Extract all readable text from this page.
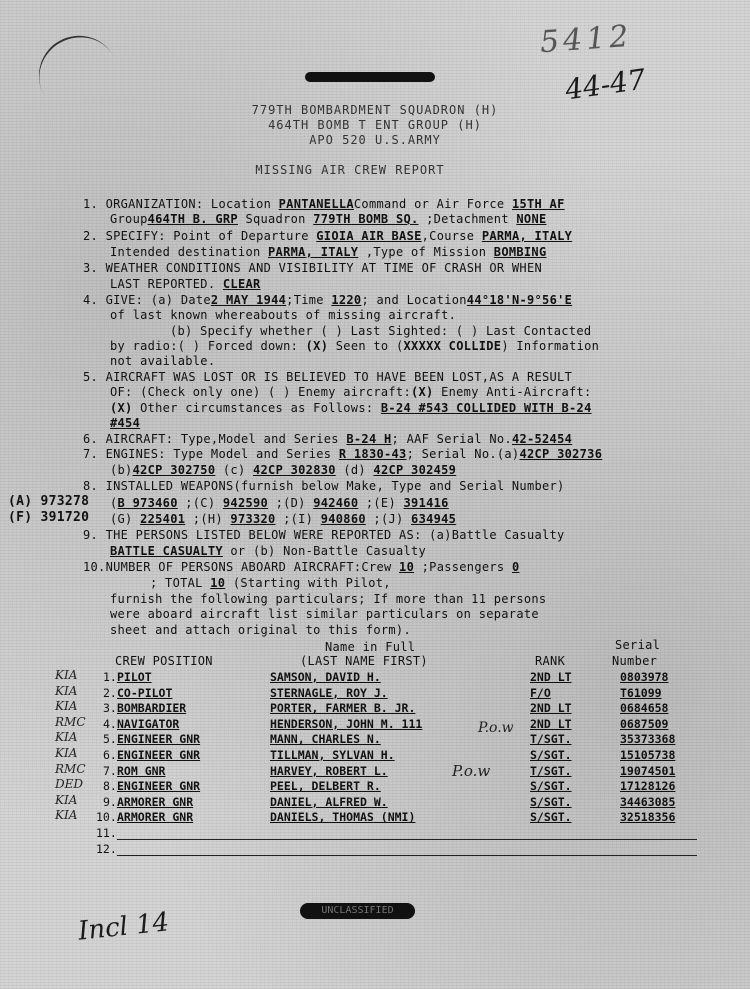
5412
44-47
779TH BOMBARDMENT SQUADRON (H)
464TH BOMB T ENT GROUP (H)
APO 520 U.S.ARMY
MISSING AIR CREW REPORT
1. ORGANIZATION: Location PANTANELLACommand or Air Force 15TH AF
Group464TH B. GRP Squadron 779TH BOMB SQ. ;Detachment NONE
2. SPECIFY: Point of Departure GIOIA AIR BASE,Course PARMA, ITALY
Intended destination PARMA, ITALY ,Type of Mission BOMBING
3. WEATHER CONDITIONS AND VISIBILITY AT TIME OF CRASH OR WHEN
LAST REPORTED. CLEAR
4. GIVE: (a) Date2 MAY 1944;Time 1220; and Location44°18'N-9°56'E
of last known whereabouts of missing aircraft.
(b) Specify whether ( ) Last Sighted: ( ) Last Contacted
by radio:( ) Forced down: (X) Seen to (XXXXX COLLIDE) Information
not available.
5. AIRCRAFT WAS LOST OR IS BELIEVED TO HAVE BEEN LOST,AS A RESULT
OF: (Check only one) ( ) Enemy aircraft:(X) Enemy Anti-Aircraft:
(X) Other circumstances as Follows: B-24 #543 COLLIDED WITH B-24
#454
6. AIRCRAFT: Type,Model and Series B-24 H; AAF Serial No.42-52454
7. ENGINES: Type Model and Series R 1830-43; Serial No.(a)42CP 302736
(b)42CP 302750 (c) 42CP 302830 (d) 42CP 302459
8. INSTALLED WEAPONS(furnish below Make, Type and Serial Number)
(A) 973278
(F) 391720
(B 973460 ;(C) 942590 ;(D) 942460 ;(E) 391416
(G) 225401 ;(H) 973320 ;(I) 940860 ;(J) 634945
9. THE PERSONS LISTED BELOW WERE REPORTED AS: (a)Battle Casualty
BATTLE CASUALTY or (b) Non-Battle Casualty
10.NUMBER OF PERSONS ABOARD AIRCRAFT:Crew 10 ;Passengers 0
; TOTAL 10 (Starting with Pilot,
furnish the following particulars; If more than 11 persons
were aboard aircraft list similar particulars on separate
sheet and attach original to this form).
Name in Full	Serial
CREW POSITION	(LAST NAME FIRST)	RANK	Number
KIA 1. PILOT	SAMSON, DAVID H.	2ND LT	0803978
KIA 2. CO-PILOT	STERNAGLE, ROY J.	F/O	T61099
KIA 3. BOMBARDIER	PORTER, FARMER B. JR.	2ND LT	0684658
RMC 4. NAVIGATOR	HENDERSON, JOHN M. 111	2ND LT	0687509
KIA 5. ENGINEER GNR	MANN, CHARLES N.	T/SGT.	35373368
KIA 6. ENGINEER GNR	TILLMAN, SYLVAN H.	S/SGT.	15105738
RMC 7. ROM GNR	HARVEY, ROBERT L.	T/SGT.	19074501
DED 8. ENGINEER GNR	PEEL, DELBERT R.	S/SGT.	17128126
KIA 9. ARMORER GNR	DANIEL, ALFRED W.	S/SGT.	34463085
KIA 10. ARMORER GNR	DANIELS, THOMAS (NMI)	S/SGT.	32518356
11.
12.
P.o.w
P.o.w
UNCLASSIFIED
Incl 14
